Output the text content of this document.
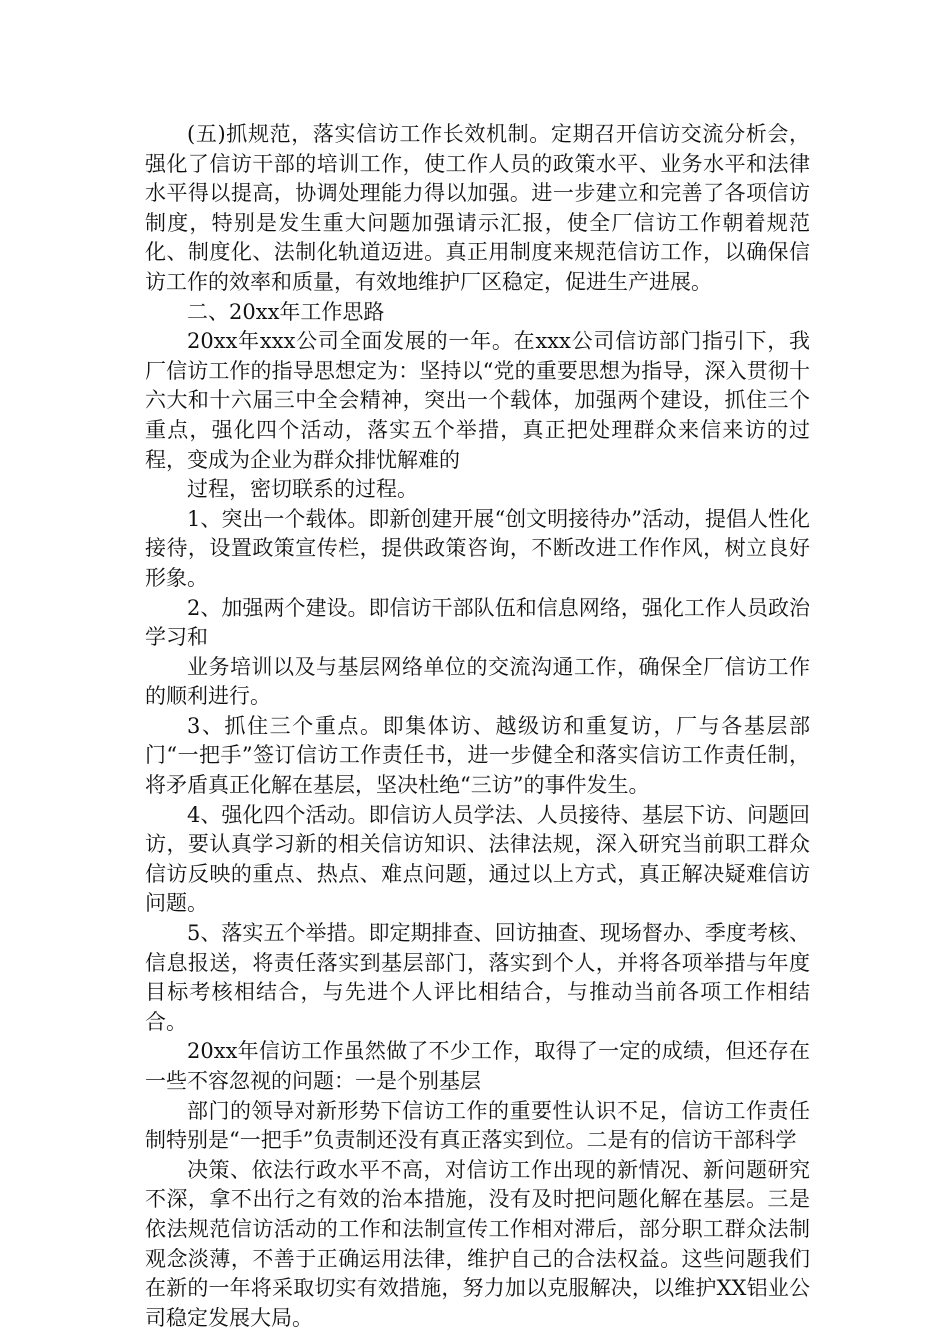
(五)抓规范，落实信访工作长效机制。定期召开信访交流分析会，强化了信访干部的培训工作，使工作人员的政策水平、业务水平和法律水平得以提高，协调处理能力得以加强。进一步建立和完善了各项信访制度，特别是发生重大问题加强请示汇报，使全厂信访工作朝着规范化、制度化、法制化轨道迈进。真正用制度来规范信访工作，以确保信访工作的效率和质量，有效地维护厂区稳定，促进生产进展。

二、20xx年工作思路

20xx年xxx公司全面发展的一年。在xxx公司信访部门指引下，我厂信访工作的指导思想定为：坚持以“党的重要思想为指导，深入贯彻十六大和十六届三中全会精神，突出一个载体，加强两个建设，抓住三个重点，强化四个活动，落实五个举措，真正把处理群众来信来访的过程，变成为企业为群众排忧解难的

过程，密切联系的过程。

1、突出一个载体。即新创建开展“创文明接待办”活动，提倡人性化接待，设置政策宣传栏，提供政策咨询，不断改进工作作风，树立良好形象。

2、加强两个建设。即信访干部队伍和信息网络，强化工作人员政治学习和

业务培训以及与基层网络单位的交流沟通工作，确保全厂信访工作的顺利进行。

3、抓住三个重点。即集体访、越级访和重复访，厂与各基层部门“一把手”签订信访工作责任书，进一步健全和落实信访工作责任制，将矛盾真正化解在基层，坚决杜绝“三访”的事件发生。

4、强化四个活动。即信访人员学法、人员接待、基层下访、问题回访，要认真学习新的相关信访知识、法律法规，深入研究当前职工群众信访反映的重点、热点、难点问题，通过以上方式，真正解决疑难信访问题。

5、落实五个举措。即定期排查、回访抽查、现场督办、季度考核、信息报送，将责任落实到基层部门，落实到个人，并将各项举措与年度目标考核相结合，与先进个人评比相结合，与推动当前各项工作相结合。

20xx年信访工作虽然做了不少工作，取得了一定的成绩，但还存在一些不容忽视的问题：一是个别基层

部门的领导对新形势下信访工作的重要性认识不足，信访工作责任制特别是“一把手”负责制还没有真正落实到位。二是有的信访干部科学

决策、依法行政水平不高，对信访工作出现的新情况、新问题研究不深，拿不出行之有效的治本措施，没有及时把问题化解在基层。三是依法规范信访活动的工作和法制宣传工作相对滞后，部分职工群众法制观念淡薄，不善于正确运用法律，维护自己的合法权益。这些问题我们在新的一年将采取切实有效措施，努力加以克服解决，以维护XX铝业公司稳定发展大局。
